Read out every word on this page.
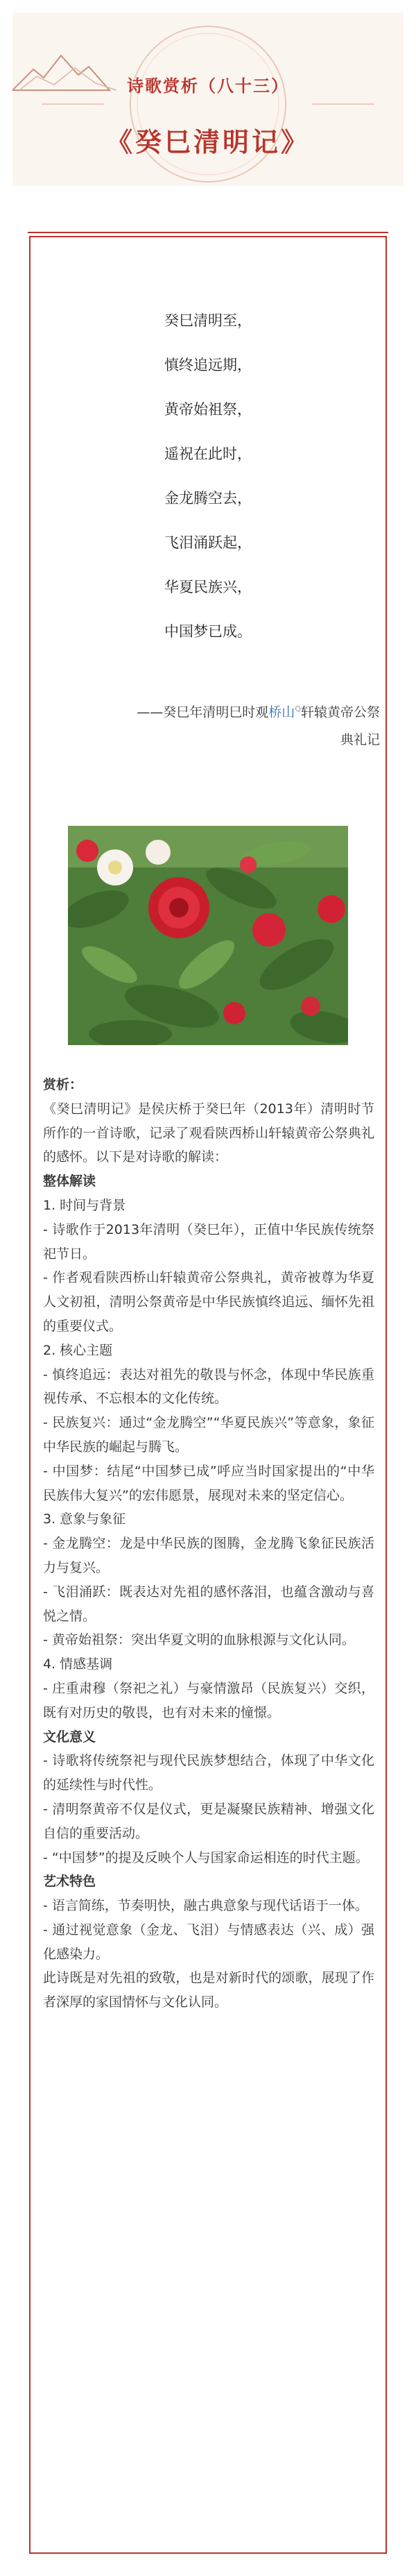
诗歌赏析（八十三）
《癸巳清明记》
癸巳清明至，
慎终追远期，
黄帝始祖祭，
遥祝在此时，
金龙腾空去，
飞泪涌跃起，
华夏民族兴，
中国梦已成。
——癸巳年清明巳时观桥山$^Q$轩辕黄帝公祭
典礼记

赏析：

《癸巳清明记》是侯庆桥于癸巳年（2013年）清明时节所作的一首诗歌，记录了观看陕西桥山轩辕黄帝公祭典礼的感怀。以下是对诗歌的解读：

整体解读

1. 时间与背景

- 诗歌作于2013年清明（癸巳年），正值中华民族传统祭祀节日。

- 作者观看陕西桥山轩辕黄帝公祭典礼，黄帝被尊为华夏人文初祖，清明公祭黄帝是中华民族慎终追远、缅怀先祖的重要仪式。

2. 核心主题

- 慎终追远：表达对祖先的敬畏与怀念，体现中华民族重视传承、不忘根本的文化传统。

- 民族复兴：通过“金龙腾空”“华夏民族兴”等意象，象征中华民族的崛起与腾飞。

- 中国梦：结尾“中国梦已成”呼应当时国家提出的“中华民族伟大复兴”的宏伟愿景，展现对未来的坚定信心。

3. 意象与象征

- 金龙腾空：龙是中华民族的图腾，金龙腾飞象征民族活力与复兴。

- 飞泪涌跃：既表达对先祖的感怀落泪，也蕴含激动与喜悦之情。

- 黄帝始祖祭：突出华夏文明的血脉根源与文化认同。

4. 情感基调

- 庄重肃穆（祭祀之礼）与豪情激昂（民族复兴）交织，既有对历史的敬畏，也有对未来的憧憬。

文化意义

- 诗歌将传统祭祀与现代民族梦想结合，体现了中华文化的延续性与时代性。

- 清明祭黄帝不仅是仪式，更是凝聚民族精神、增强文化自信的重要活动。

- “中国梦”的提及反映个人与国家命运相连的时代主题。

艺术特色

- 语言简练，节奏明快，融古典意象与现代话语于一体。

- 通过视觉意象（金龙、飞泪）与情感表达（兴、成）强化感染力。

此诗既是对先祖的致敬，也是对新时代的颂歌，展现了作者深厚的家国情怀与文化认同。
